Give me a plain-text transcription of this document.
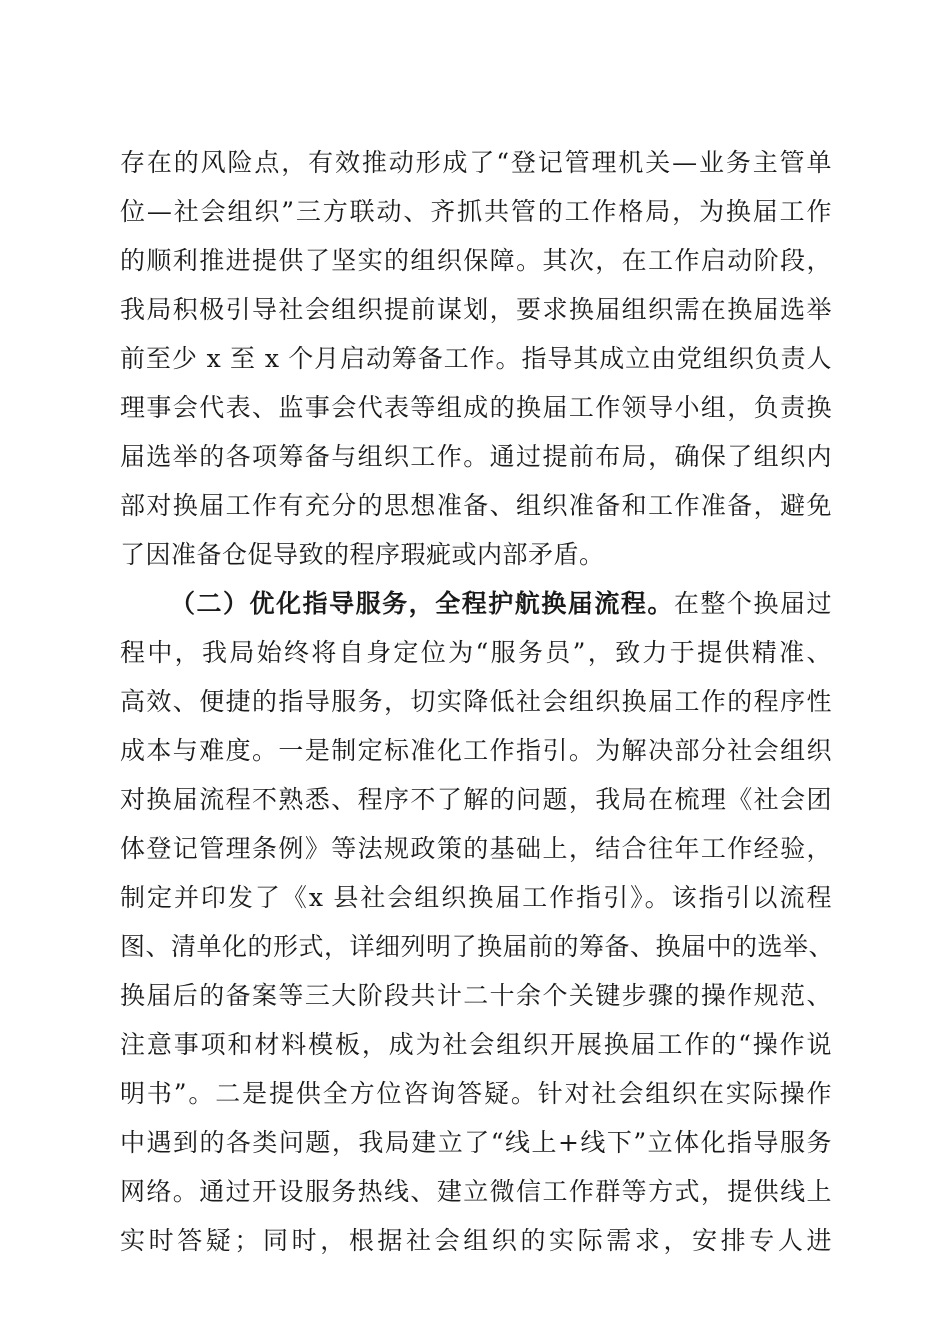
存在的风险点，有效推动形成了“登记管理机关—业务主管单
位—社会组织”三方联动、齐抓共管的工作格局，为换届工作
的顺利推进提供了坚实的组织保障。其次，在工作启动阶段，
我局积极引导社会组织提前谋划，要求换届组织需在换届选举
前至少 x 至 x 个月启动筹备工作。指导其成立由党组织负责人
理事会代表、监事会代表等组成的换届工作领导小组，负责换
届选举的各项筹备与组织工作。通过提前布局，确保了组织内
部对换届工作有充分的思想准备、组织准备和工作准备，避免
了因准备仓促导致的程序瑕疵或内部矛盾。
（二）优化指导服务，全程护航换届流程。在整个换届过
程中，我局始终将自身定位为“服务员”，致力于提供精准、
高效、便捷的指导服务，切实降低社会组织换届工作的程序性
成本与难度。一是制定标准化工作指引。为解决部分社会组织
对换届流程不熟悉、程序不了解的问题，我局在梳理《社会团
体登记管理条例》等法规政策的基础上，结合往年工作经验，
制定并印发了《x 县社会组织换届工作指引》。该指引以流程
图、清单化的形式，详细列明了换届前的筹备、换届中的选举、
换届后的备案等三大阶段共计二十余个关键步骤的操作规范、
注意事项和材料模板，成为社会组织开展换届工作的“操作说
明书”。二是提供全方位咨询答疑。针对社会组织在实际操作
中遇到的各类问题，我局建立了“线上+线下”立体化指导服务
网络。通过开设服务热线、建立微信工作群等方式，提供线上
实时答疑；同时，根据社会组织的实际需求，安排专人进
